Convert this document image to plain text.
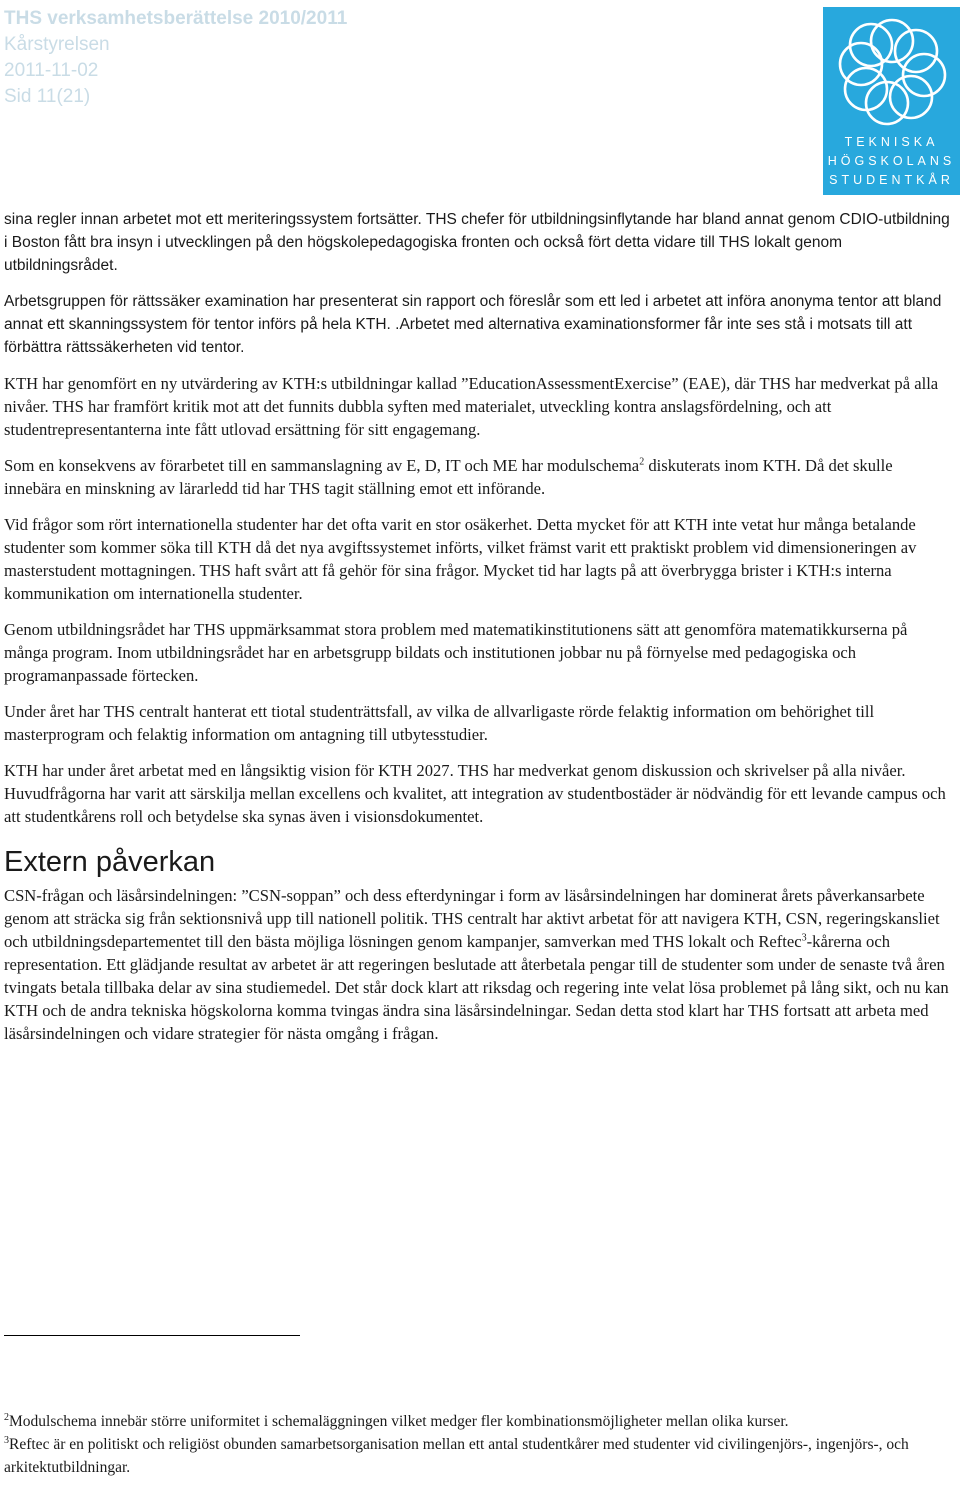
THS verksamhetsberättelse 2010/2011
Kårstyrelsen
2011-11-02
Sid 11(21)
TEKNISKA
HÖGSKOLANS
STUDENTKÅR

sina regler innan arbetet mot ett meriteringssystem fortsätter. THS chefer för utbildningsinflytande har bland annat genom CDIO-utbildning i Boston fått bra insyn i utvecklingen på den högskolepedagogiska fronten och också fört detta vidare till THS lokalt genom utbildningsrådet.

Arbetsgruppen för rättssäker examination har presenterat sin rapport och föreslår som ett led i arbetet att införa anonyma tentor att bland annat ett skanningssystem för tentor införs på hela KTH. .Arbetet med alternativa examinationsformer får inte ses stå i motsats till att förbättra rättssäkerheten vid tentor.

KTH har genomfört en ny utvärdering av KTH:s utbildningar kallad ”EducationAssessmentExercise” (EAE), där THS har medverkat på alla nivåer. THS har framfört kritik mot att det funnits dubbla syften med materialet, utveckling kontra anslagsfördelning, och att studentrepresentanterna inte fått utlovad ersättning för sitt engagemang.

Som en konsekvens av förarbetet till en sammanslagning av E, D, IT och ME har modulschema$^2$ diskuterats inom KTH. Då det skulle innebära en minskning av lärarledd tid har THS tagit ställning emot ett införande.

Vid frågor som rört internationella studenter har det ofta varit en stor osäkerhet. Detta mycket för att KTH inte vetat hur många betalande studenter som kommer söka till KTH då det nya avgiftssystemet införts, vilket främst varit ett praktiskt problem vid dimensioneringen av masterstudent mottagningen. THS haft svårt att få gehör för sina frågor. Mycket tid har lagts på att överbrygga brister i KTH:s interna kommunikation om internationella studenter.

Genom utbildningsrådet har THS uppmärksammat stora problem med matematikinstitutionens sätt att genomföra matematikkurserna på många program. Inom utbildningsrådet har en arbetsgrupp bildats och institutionen jobbar nu på förnyelse med pedagogiska och programanpassade förtecken.

Under året har THS centralt hanterat ett tiotal studenträttsfall, av vilka de allvarligaste rörde felaktig information om behörighet till masterprogram och felaktig information om antagning till utbytesstudier.

KTH har under året arbetat med en långsiktig vision för KTH 2027. THS har medverkat genom diskussion och skrivelser på alla nivåer. Huvudfrågorna har varit att särskilja mellan excellens och kvalitet, att integration av studentbostäder är nödvändig för ett levande campus och att studentkårens roll och betydelse ska synas även i visionsdokumentet.

Extern påverkan

CSN-frågan och läsårsindelningen: ”CSN-soppan” och dess efterdyningar i form av läsårsindelningen har dominerat årets påverkansarbete genom att sträcka sig från sektionsnivå upp till nationell politik. THS centralt har aktivt arbetat för att navigera KTH, CSN, regeringskansliet och utbildningsdepartementet till den bästa möjliga lösningen genom kampanjer, samverkan med THS lokalt och Reftec$^3$-kårerna och representation. Ett glädjande resultat av arbetet är att regeringen beslutade att återbetala pengar till de studenter som under de senaste två åren tvingats betala tillbaka delar av sina studiemedel. Det står dock klart att riksdag och regering inte velat lösa problemet på lång sikt, och nu kan KTH och de andra tekniska högskolorna komma tvingas ändra sina läsårsindelningar. Sedan detta stod klart har THS fortsatt att arbeta med läsårsindelningen och vidare strategier för nästa omgång i frågan.

$^2$Modulschema innebär större uniformitet i schemaläggningen vilket medger fler kombinationsmöjligheter mellan olika kurser.

$^3$Reftec är en politiskt och religiöst obunden samarbetsorganisation mellan ett antal studentkårer med studenter vid civilingenjörs-, ingenjörs-, och arkitektutbildningar.
